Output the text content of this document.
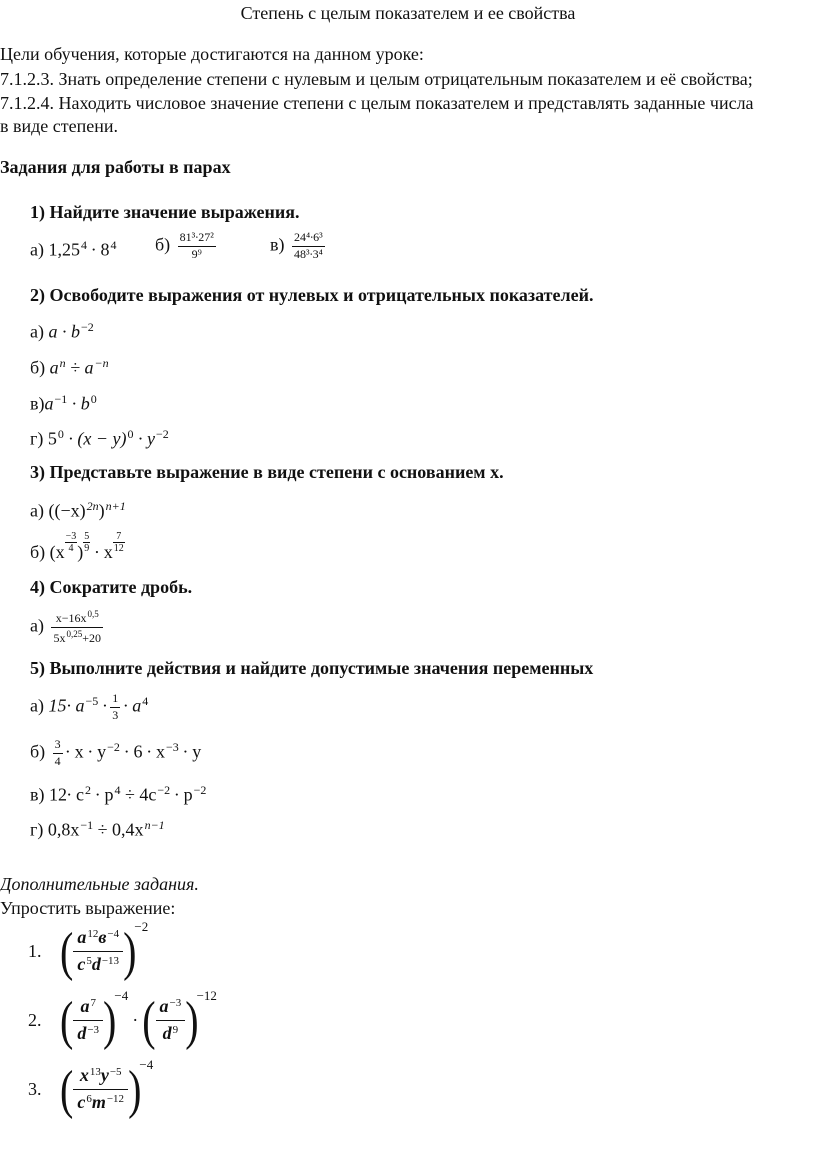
Степень с целым показателем и ее свойства
Цели обучения, которые достигаются на данном уроке:
7.1.2.3. Знать определение степени с нулевым и целым отрицательным показателем и её свойства;
7.1.2.4. Находить числовое значение степени с целым показателем и представлять заданные числа
в виде степени.
Задания для работы в парах
1) Найдите значение выражения.
а) $1,25^4 \cdot 8^4$ $б) \frac{\text{81³∙27²}}{\text{9⁹}}$	$в) \frac{\text{24⁴∙6³}}{\text{48³∙3⁴}}$
2) Освободите выражения от нулевых и отрицательных показателей.
а) $a \cdot b^{-2}$
б) $a^n \div a^{-n}$
$в)a^{-1} \cdot b^0$
г) $5^0 \cdot (x - y)^0 \cdot y^{-2}$
3) Представьте выражение в виде степени с основанием x.
а) $((-x)^{2n})^{n+1}$
б) ($x \frac{-3}{4}$ ) $\frac{5}{9} \cdot x \frac{7}{12}$
4) Сократите дробь.
$а) \frac{x-16x^{0,5}}{5x^{0,25}+20}$
5) Выполните действия и найдите допустимые значения переменных
а) $15\cdot a^{-5} \cdot \frac{1}{3} \cdot a^4$
$б) \frac{3}{4} \cdot x \cdot y^{-2} \cdot 6 \cdot x^{-3} \cdot y$
в) $12\cdot c^2 \cdot p^4 \div 4c^{-2} \cdot p^{-2}$
г) $0,8x^{-1} \div 0,4x^{n-1}$
Дополнительные задания.
Упростить выражение:
1. ( $\frac{a^{12}в^{-4}}{c^5d^{-13}} )-2$
2. ( $\frac{a^7}{d^{-3}} )-4\cdot$ ( $\frac{a^{-3}}{d^9} )-12$
3. ( $\frac{x^{13}y^{-5}}{c^6m^{-12}} )-4$
